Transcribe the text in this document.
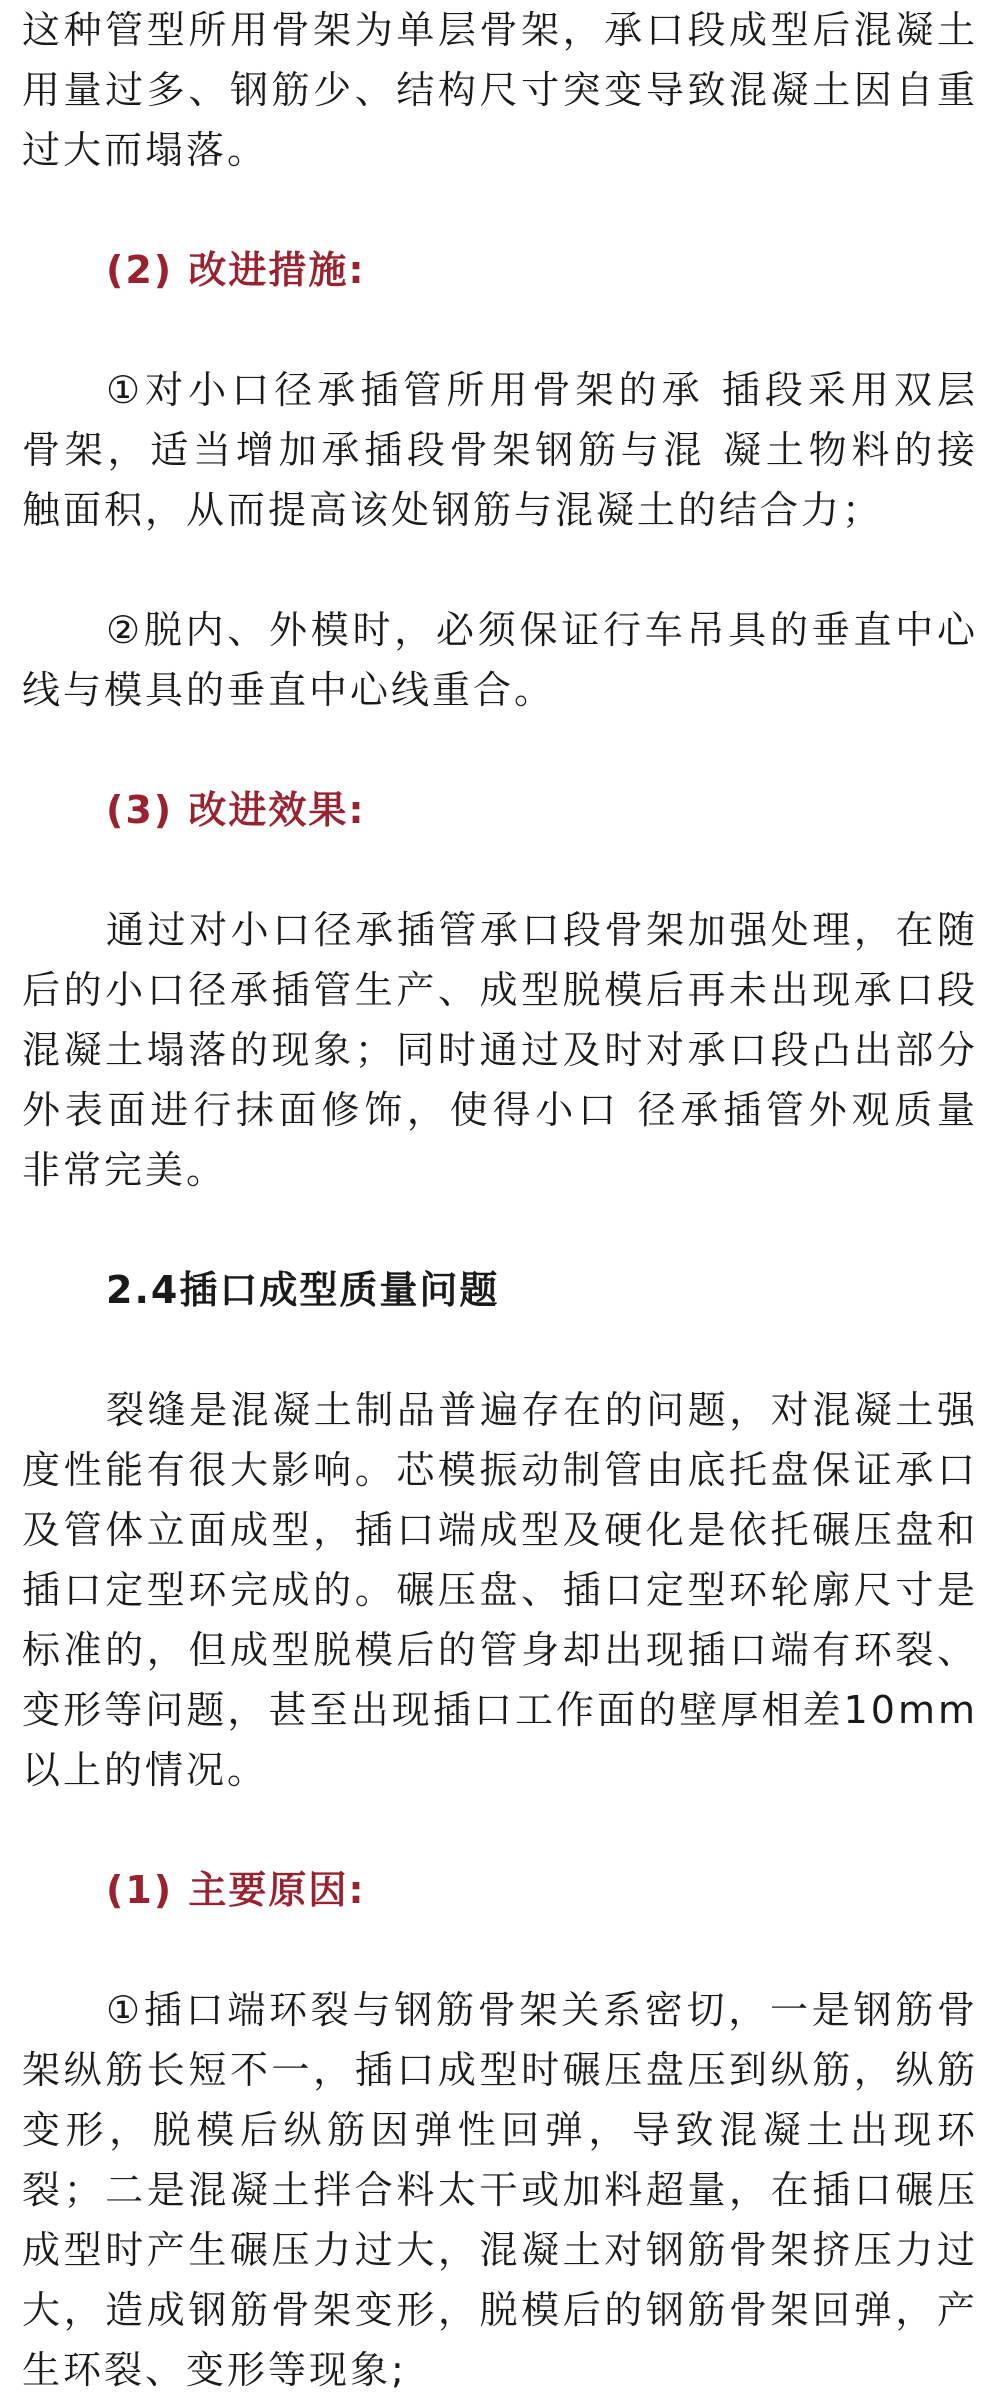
这种管型所用骨架为单层骨架，承口段成型后混凝土用量过多、钢筋少、结构尺寸突变导致混凝土因自重过大而塌落。

(2) 改进措施:

①对小口径承插管所用骨架的承 插段采用双层骨架，适当增加承插段骨架钢筋与混 凝土物料的接触面积，从而提高该处钢筋与混凝土的结合力；

②脱内、外模时，必须保证行车吊具的垂直中心线与模具的垂直中心线重合。

(3) 改进效果:

通过对小口径承插管承口段骨架加强处理，在随后的小口径承插管生产、成型脱模后再未出现承口段混凝土塌落的现象；同时通过及时对承口段凸出部分外表面进行抹面修饰，使得小口 径承插管外观质量非常完美。

2.4插口成型质量问题

裂缝是混凝土制品普遍存在的问题，对混凝土强度性能有很大影响。芯模振动制管由底托盘保证承口及管体立面成型，插口端成型及硬化是依托碾压盘和插口定型环完成的。碾压盘、插口定型环轮廓尺寸是标准的，但成型脱模后的管身却出现插口端有环裂、变形等问题，甚至出现插口工作面的壁厚相差10mm以上的情况。

(1) 主要原因:

①插口端环裂与钢筋骨架关系密切，一是钢筋骨架纵筋长短不一，插口成型时碾压盘压到纵筋，纵筋变形，脱模后纵筋因弹性回弹，导致混凝土出现环裂；二是混凝土拌合料太干或加料超量，在插口碾压成型时产生碾压力过大，混凝土对钢筋骨架挤压力过大，造成钢筋骨架变形，脱模后的钢筋骨架回弹，产生环裂、变形等现象;
